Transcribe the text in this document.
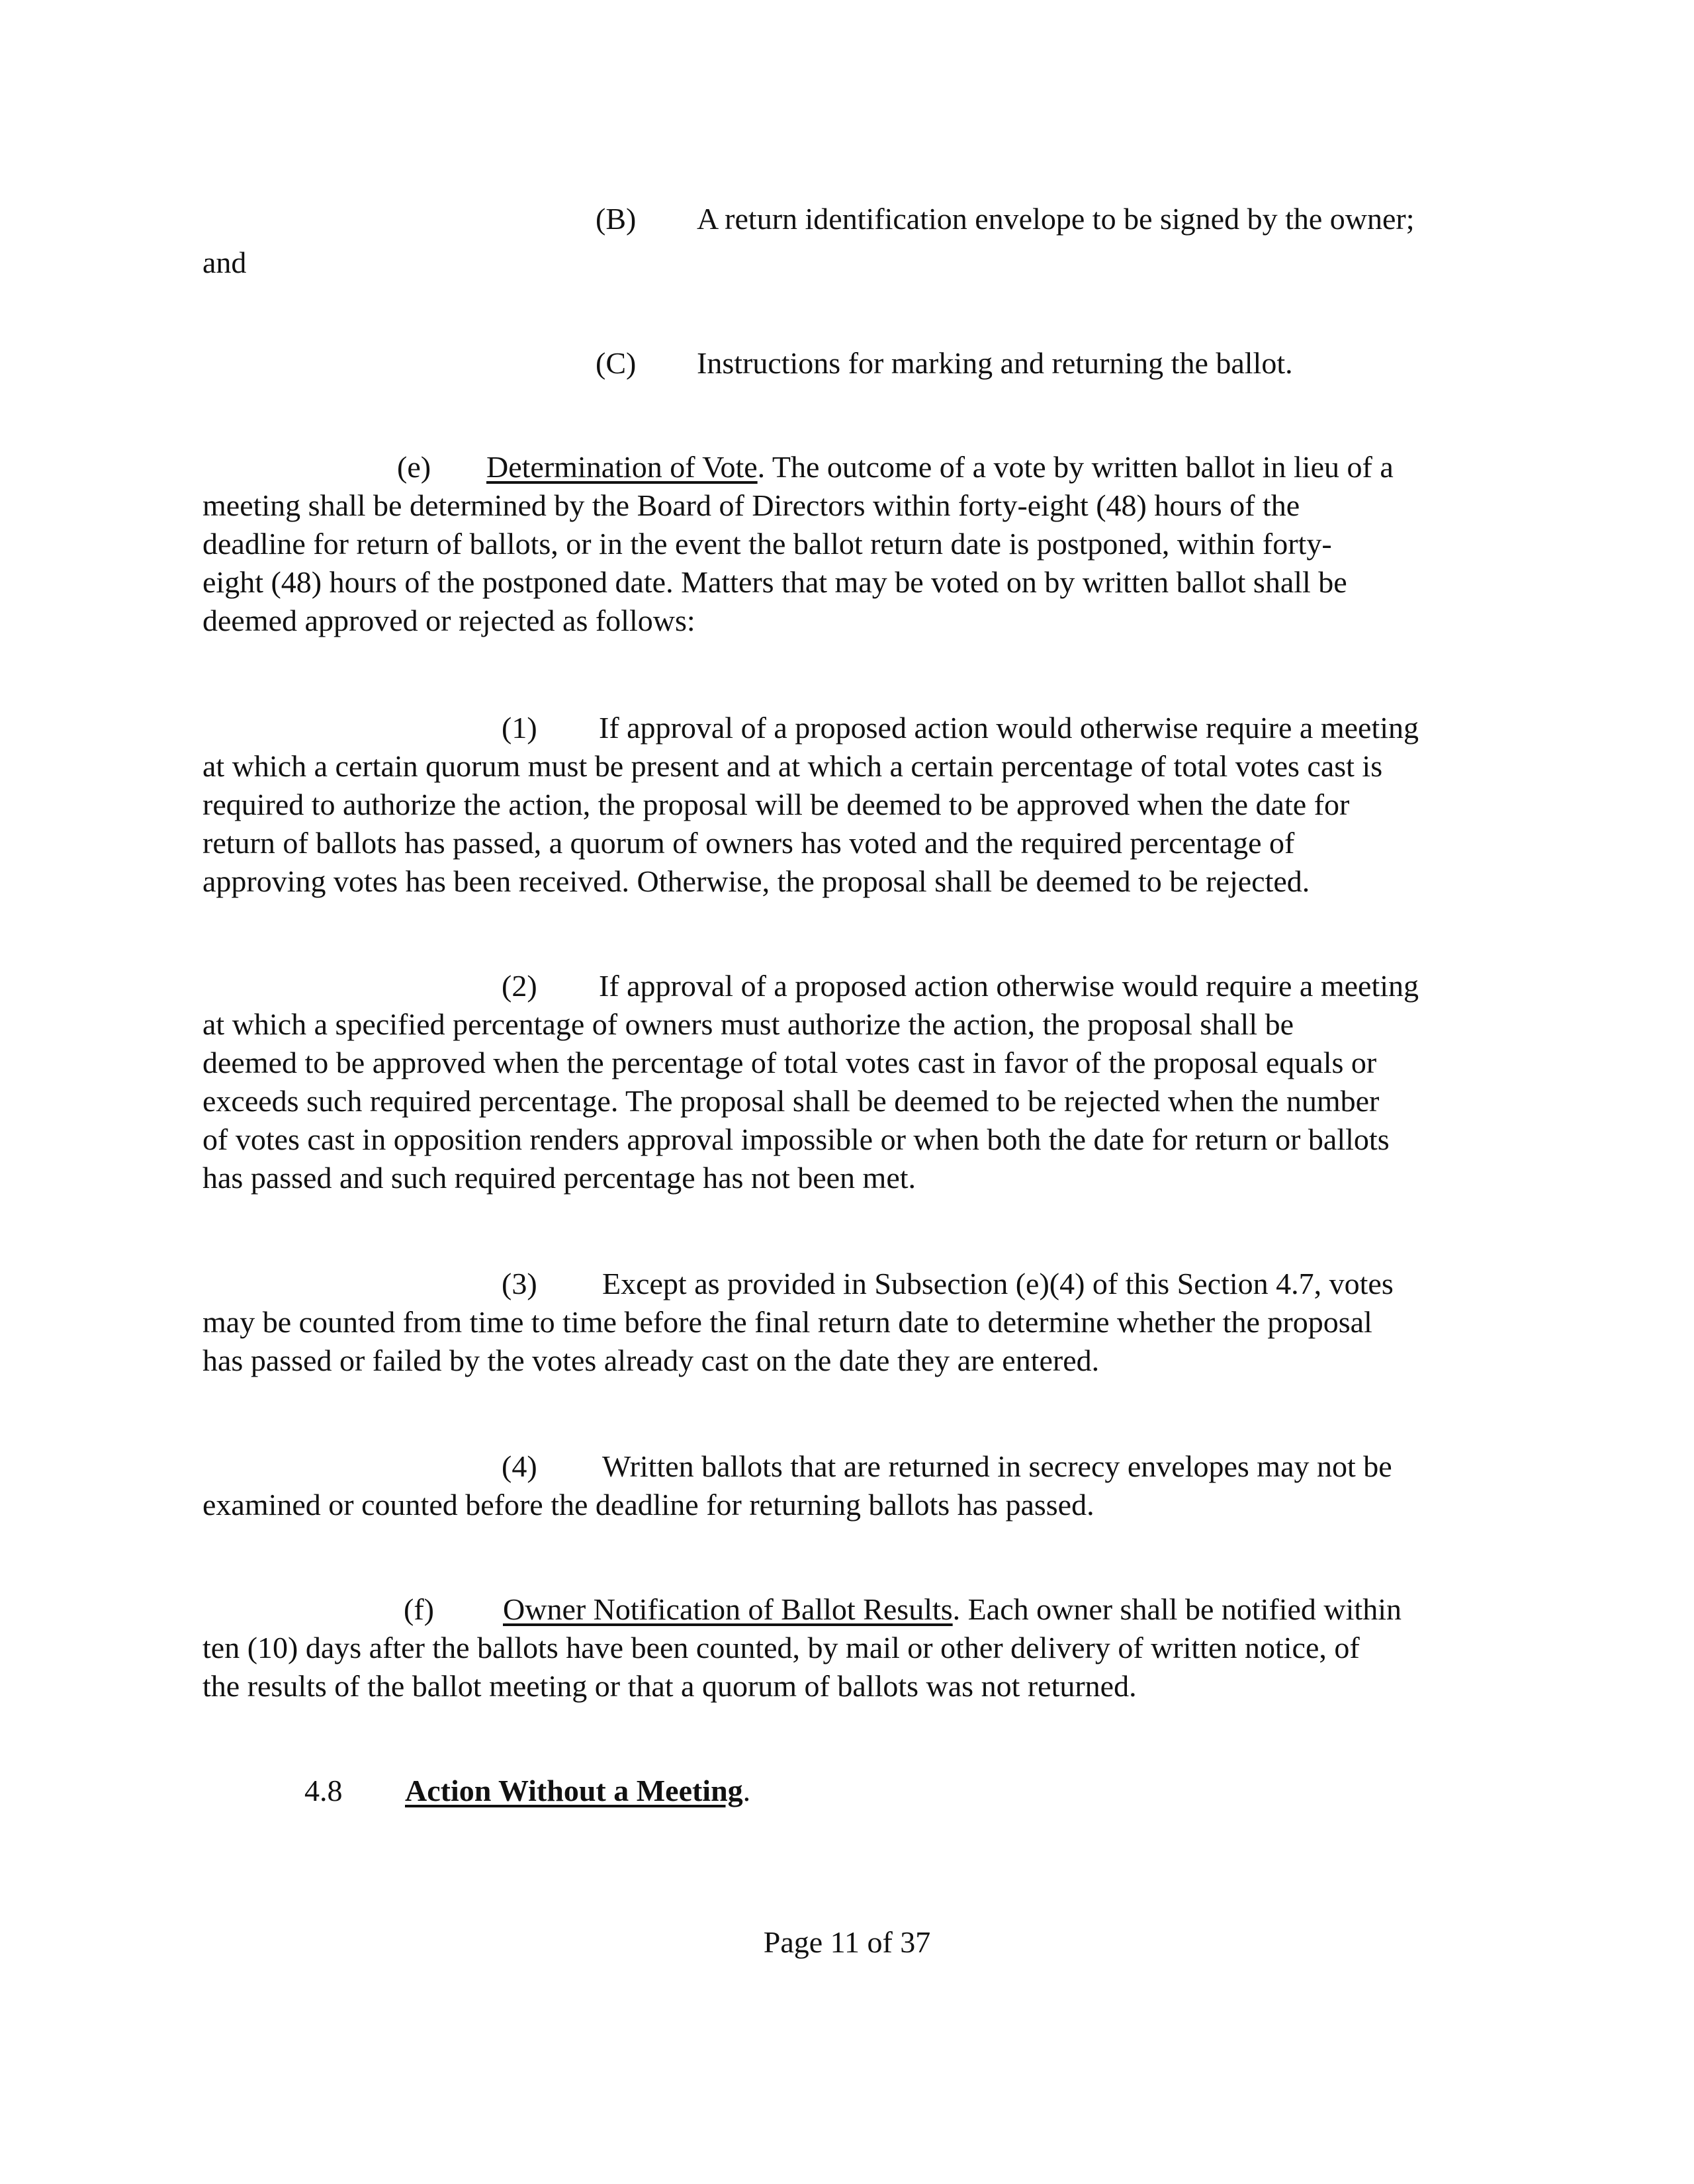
(B) A return identification envelope to be signed by the owner;

and

(C) Instructions for marking and returning the ballot.

(e) Determination of Vote. The outcome of a vote by written ballot in lieu of a

meeting shall be determined by the Board of Directors within forty-eight (48) hours of the
deadline for return of ballots, or in the event the ballot return date is postponed, within forty-
eight (48) hours of the postponed date. Matters that may be voted on by written ballot shall be
deemed approved or rejected as follows:

(1) If approval of a proposed action would otherwise require a meeting

at which a certain quorum must be present and at which a certain percentage of total votes cast is
required to authorize the action, the proposal will be deemed to be approved when the date for
return of ballots has passed, a quorum of owners has voted and the required percentage of
approving votes has been received. Otherwise, the proposal shall be deemed to be rejected.

(2) If approval of a proposed action otherwise would require a meeting

at which a specified percentage of owners must authorize the action, the proposal shall be
deemed to be approved when the percentage of total votes cast in favor of the proposal equals or
exceeds such required percentage. The proposal shall be deemed to be rejected when the number
of votes cast in opposition renders approval impossible or when both the date for return or ballots
has passed and such required percentage has not been met.

(3) Except as provided in Subsection (e)(4) of this Section 4.7, votes

may be counted from time to time before the final return date to determine whether the proposal
has passed or failed by the votes already cast on the date they are entered.

(4) Written ballots that are returned in secrecy envelopes may not be

examined or counted before the deadline for returning ballots has passed.

(f) Owner Notification of Ballot Results. Each owner shall be notified within

ten (10) days after the ballots have been counted, by mail or other delivery of written notice, of
the results of the ballot meeting or that a quorum of ballots was not returned.

4.8 Action Without a Meeting.

Page 11 of 37
